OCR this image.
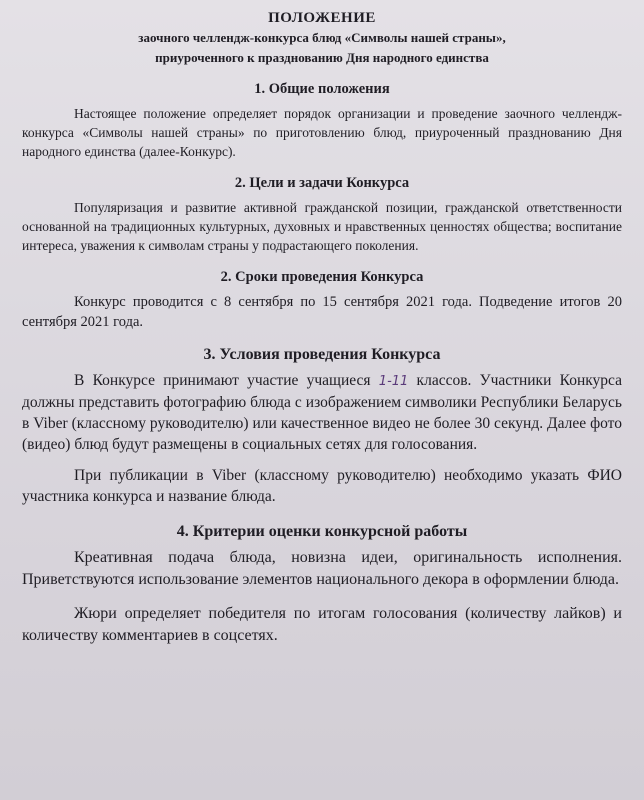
ПОЛОЖЕНИЕ
заочного челлендж-конкурса блюд «Символы нашей страны»,
приуроченного к празднованию Дня народного единства
1. Общие положения

Настоящее положение определяет порядок организации и проведение заочного челлендж-конкурса «Символы нашей страны» по приготовлению блюд, приуроченный празднованию Дня народного единства (далее-Конкурс).

2. Цели и задачи Конкурса

Популяризация и развитие активной гражданской позиции, гражданской ответственности основанной на традиционных культурных, духовных и нравственных ценностях общества; воспитание интереса, уважения к символам страны у подрастающего поколения.

2. Сроки проведения Конкурса

Конкурс проводится с 8 сентября по 15 сентября 2021 года. Подведение итогов 20 сентября 2021 года.

3. Условия проведения Конкурса

В Конкурсе принимают участие учащиеся 1-11 классов. Участники Конкурса должны представить фотографию блюда с изображением символики Республики Беларусь в Viber (классному руководителю) или качественное видео не более 30 секунд. Далее фото (видео) блюд будут размещены в социальных сетях для голосования.

При публикации в Viber (классному руководителю) необходимо указать ФИО участника конкурса и название блюда.

4. Критерии оценки конкурсной работы

Креативная подача блюда, новизна идеи, оригинальность исполнения. Приветствуются использование элементов национального декора в оформлении блюда.

Жюри определяет победителя по итогам голосования (количеству лайков) и количеству комментариев в соцсетях.
